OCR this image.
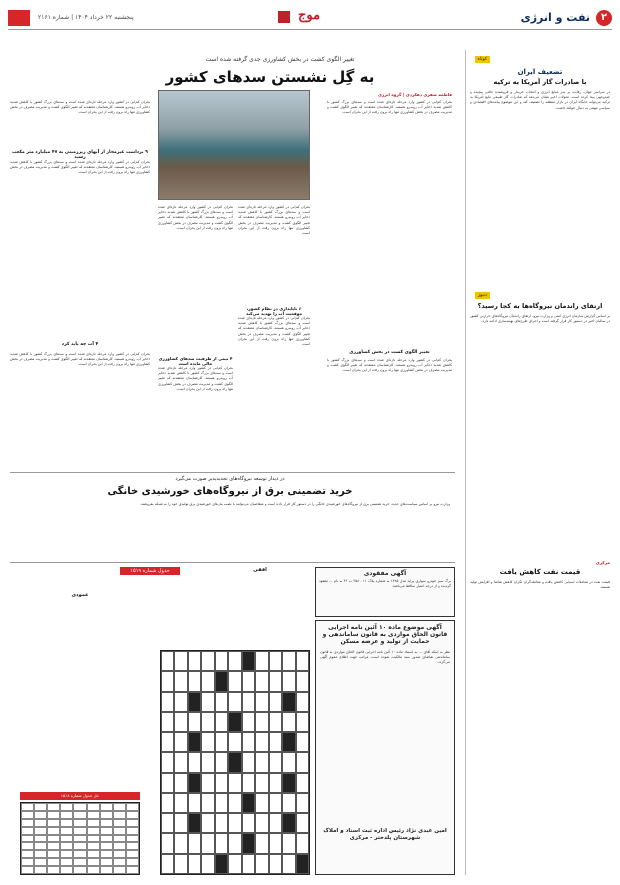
۲
نفت و انرژی
موج
پنجشنبه ۲۲ خرداد ۱۴۰۴ | شماره ۲۱۶۱
کوتاه
تضعیف ایران
با صادرات گاز آمریکا به ترکیه
در سراسر جهان، رقابت بر سر منابع انرژی و انتخاب خریدار و فروشنده حالتی پیچیده و چندوجهی پیدا کرده است. تحولات اخیر نشان می‌دهد که صادرات گاز طبیعی مایع آمریکا به ترکیه می‌تواند جایگاه ایران در بازار منطقه را تضعیف کند و این موضوع پیامدهای اقتصادی و سیاسی مهمی به دنبال خواهد داشت.
دنیوز
ارتقای راندمان نیروگاه‌ها به کجا رسید؟
بر اساس گزارش سازمان انرژی اتمی و وزارت نیرو، ارتقای راندمان نیروگاه‌های حرارتی کشور در سالیان اخیر در دستور کار قرار گرفته است و اجرای طرح‌های بهینه‌سازی ادامه دارد.
مرکزی
قیمت نفت کاهش یافت
قیمت نفت در معاملات آسیایی کاهش یافت و معامله‌گران نگران کاهش تقاضا و افزایش تولید هستند.
تغییر الگوی کشت در بخش کشاورزی جدی گرفته شده است
به گِل نشستن سدهای کشور
فاطمه صفری دهکردی | گروه انرژی
بحران کم‌آبی در کشور وارد مرحله تازه‌ای شده است و سدهای بزرگ کشور با کاهش شدید ذخایر آب روبه‌رو هستند. کارشناسان معتقدند که تغییر الگوی کشت و مدیریت مصرف در بخش کشاورزی تنها راه برون رفت از این بحران است.
تغییر الگوی کشت در بخش کشاورزی
بحران کم‌آبی در کشور وارد مرحله تازه‌ای شده است و سدهای بزرگ کشور با کاهش شدید ذخایر آب روبه‌رو هستند. کارشناسان معتقدند که تغییر الگوی کشت و مدیریت مصرف در بخش کشاورزی تنها راه برون رفت از این بحران است.
بحران کم‌آبی در کشور وارد مرحله تازه‌ای شده است و سدهای بزرگ کشور با کاهش شدید ذخایر آب روبه‌رو هستند. کارشناسان معتقدند که تغییر الگوی کشت و مدیریت مصرف در بخش کشاورزی تنها راه برون رفت از این بحران است.
۴ نیمی از ظرفیت سدهای کشاورزی خالی مانده است
بحران کم‌آبی در کشور وارد مرحله تازه‌ای شده است و سدهای بزرگ کشور با کاهش شدید ذخایر آب روبه‌رو هستند. کارشناسان معتقدند که تغییر الگوی کشت و مدیریت مصرف در بخش کشاورزی تنها راه برون رفت از این بحران است.
بحران کم‌آبی در کشور وارد مرحله تازه‌ای شده است و سدهای بزرگ کشور با کاهش شدید ذخایر آب روبه‌رو هستند. کارشناسان معتقدند که تغییر الگوی کشت و مدیریت مصرف در بخش کشاورزی تنها راه برون رفت از این بحران است.
۶ ناپایداری در نظام کشور، موقعیت آب را تهدید می‌کند
بحران کم‌آبی در کشور وارد مرحله تازه‌ای شده است و سدهای بزرگ کشور با کاهش شدید ذخایر آب روبه‌رو هستند. کارشناسان معتقدند که تغییر الگوی کشت و مدیریت مصرف در بخش کشاورزی تنها راه برون رفت از این بحران است.
بحران کم‌آبی در کشور وارد مرحله تازه‌ای شده است و سدهای بزرگ کشور با کاهش شدید ذخایر آب روبه‌رو هستند. کارشناسان معتقدند که تغییر الگوی کشت و مدیریت مصرف در بخش کشاورزی تنها راه برون رفت از این بحران است.
۹ برداشت غیرمجاز از آبهای زیرزمینی به ۴۷ میلیارد متر مکعب رسید
بحران کم‌آبی در کشور وارد مرحله تازه‌ای شده است و سدهای بزرگ کشور با کاهش شدید ذخایر آب روبه‌رو هستند. کارشناسان معتقدند که تغییر الگوی کشت و مدیریت مصرف در بخش کشاورزی تنها راه برون رفت از این بحران است.
۴ آب چه باید کرد
بحران کم‌آبی در کشور وارد مرحله تازه‌ای شده است و سدهای بزرگ کشور با کاهش شدید ذخایر آب روبه‌رو هستند. کارشناسان معتقدند که تغییر الگوی کشت و مدیریت مصرف در بخش کشاورزی تنها راه برون رفت از این بحران است.
در دیدار توسعه نیروگاه‌های تجدیدپذیر صورت می‌گیرد
خرید تضمینی برق از نیروگاه‌های خورشیدی خانگی
وزارت نیرو بر اساس سیاست‌های جدید، خرید تضمینی برق از نیروگاه‌های خورشیدی خانگی را در دستور کار قرار داده است و متقاضیان می‌توانند با نصب پنل‌های خورشیدی برق تولیدی خود را به شبکه بفروشند.
آگهی مفقودی
برگ سبز خودرو سواری پراید مدل ۱۳۸۵ به شماره پلاک ۱۱ - ۲۵۸ ب ۴۶ به نام ... مفقود گردیده و از درجه اعتبار ساقط می‌باشد.
آگهی موضوع ماده ۱۰ آئین نامه اجرایی قانون الحاق مواردی به قانون ساماندهی و حمایت از تولید و عرضه مسکن
نظر به اینکه آقای ... به استناد ماده ۱۰ آئین نامه اجرایی قانون الحاق مواردی به قانون ساماندهی تقاضای صدور سند مالکیت نموده است، مراتب جهت اطلاع عموم آگهی می‌گردد.
امین عبدی نژاد رئیس اداره ثبت اسناد و املاک شهرستان پلدختر - مرکزی
جدول شماره ۱۵۱۹	افقی
عمودی
حل جدول شماره ۱۵۱۸
